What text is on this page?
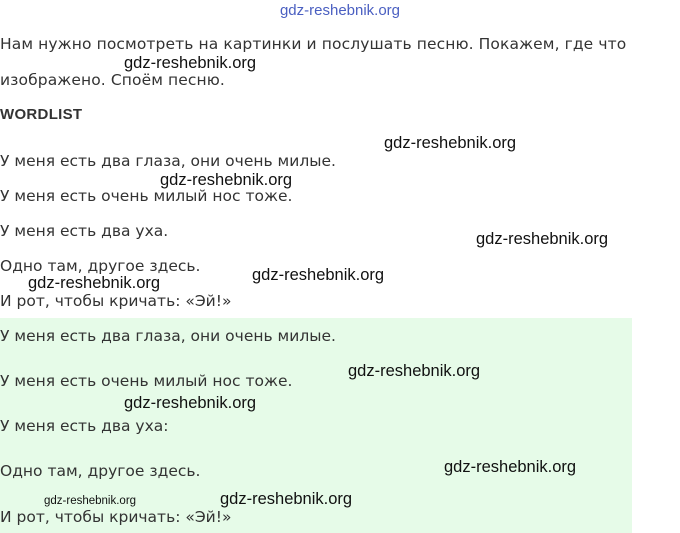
gdz-reshebnik.org
Нам нужно посмотреть на картинки и послушать песню. Покажем, где что
изображено. Споём песню.
WORDLIST
У меня есть два глаза, они очень милые.
У меня есть очень милый нос тоже.
У меня есть два уха.
Одно там, другое здесь.
И рот, чтобы кричать: «Эй!»
У меня есть два глаза, они очень милые.
У меня есть очень милый нос тоже.
У меня есть два уха:
Одно там, другое здесь.
И рот, чтобы кричать: «Эй!»
gdz-reshebnik.org
gdz-reshebnik.org
gdz-reshebnik.org
gdz-reshebnik.org
gdz-reshebnik.org
gdz-reshebnik.org
gdz-reshebnik.org
gdz-reshebnik.org
gdz-reshebnik.org
gdz-reshebnik.org	gdz-reshebnik.org
